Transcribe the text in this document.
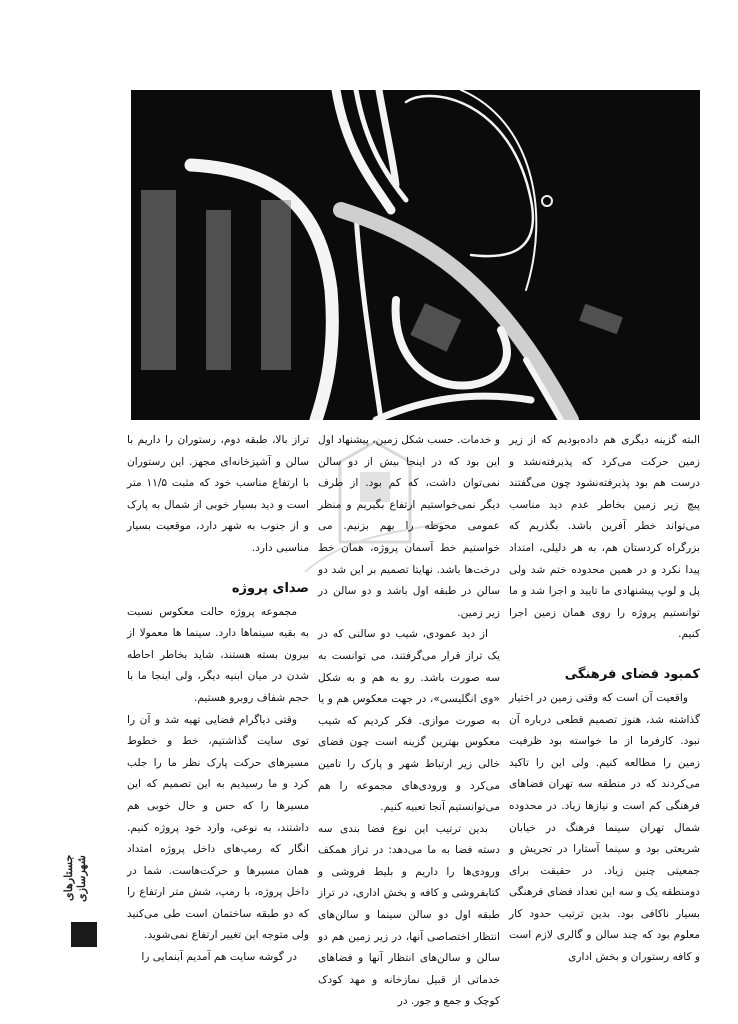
البته گزینه دیگری هم داده‌بودیم که از زیر زمین حرکت می‌کرد که پذیرفته‌نشد و درست هم بود پذیرفته‌نشود چون می‌گفتند پیچ زیر زمین بخاطر عدم دید مناسب می‌تواند خطر آفرین باشد. بگذریم که بزرگراه کردستان هم، به هر دلیلی، امتداد پیدا نکرد و در همین محدوده ختم شد ولی پل و لوپ پیشنهادی ما تایید و اجرا شد و ما توانستیم پروژه را روی همان زمین اجرا کنیم.

کمبود فضای فرهنگی

واقعیت آن است که وقتی زمین در اختیار گذاشته شد، هنوز تصمیم قطعی درباره آن نبود. کارفرما از ما خواسته بود ظرفیت زمین را مطالعه کنیم. ولی این را تاکید می‌کردند که در منطقه سه تهران فضاهای فرهنگی کم است و نیازها زیاد. در محدوده شمال تهران سینما فرهنگ در خیابان شریعتی بود و سینما آستارا در تجریش و جمعیتی چنین زیاد. در حقیقت برای دومنطقه یک و سه این تعداد فضای فرهنگی بسیار ناکافی بود. بدین ترتیب حدود کار معلوم بود که چند سالن و گالری لازم است و کافه رستوران و بخش اداری

و خدمات. حسب شکل زمین، پیشنهاد اول این بود که در اینجا بیش از دو سالن نمی‌توان داشت، که کم بود. از طرف دیگر نمی‌خواستیم ارتفاع بگیریم و منظر عمومی محوطه را بهم بزنیم. می خواستیم خط آسمان پروژه، همان خط درخت‌ها باشد. نهایتا تصمیم بر این شد دو سالن در طبقه اول باشد و دو سالن در زیر زمین.

از دید عمودی، شیب دو سالنی که در یک تراز قرار می‌گرفتند، می توانست به سه صورت باشد. رو به هم و به شکل «وی انگلیسی»، در جهت معکوس هم و یا به صورت موازی. فکر کردیم که شیب معکوس بهترین گزینه است چون فضای خالی زیر ارتباط شهر و پارک را تامین می‌کرد و ورودی‌های مجموعه را هم می‌توانستیم آنجا تعبیه کنیم.

بدین ترتیب این نوع فضا بندی سه دسته فضا به ما می‌دهد: در تراز همکف ورودی‌ها را داریم و بلیط فروشی و کتابفروشی و کافه و بخش اداری، در تراز طبقه اول دو سالن سینما و سالن‌های انتظار اختصاصی آنها، در زیر زمین هم دو سالن و سالن‌های انتظار آنها و فضاهای خدماتی از قبیل نمازخانه و مهد کودک کوچک و جمع و جور. در

تراز بالا، طبقه دوم، رستوران را داریم با سالن و آشپزخانه‌ای مجهز. این رستوران با ارتفاع مناسب خود که مثبت ۱۱/۵ متر است و دید بسیار خوبی از شمال به پارک و از جنوب به شهر دارد، موقعیت بسیار مناسبی دارد.

صدای پروژه

مجموعه پروژه حالت معکوس نسبت به بقیه سینماها دارد. سینما ها معمولا از بیرون بسته هستند، شاید بخاطر احاطه شدن در میان ابنیه دیگر، ولی اینجا ما با حجم شفاف روبرو هستیم.

وقتی دیاگرام فضایی تهیه شد و آن را توی سایت گذاشتیم، خط و خطوط مسیرهای حرکت پارک نظر ما را جلب کرد و ما رسیدیم به این تصمیم که این مسیرها را که حس و حال خوبی هم داشتند، به نوعی، وارد خود پروژه کنیم. انگار که رمپ‌های داخل پروژه امتداد همان مسیرها و حرکت‌هاست. شما در داخل پروژه، با رمپ، شش متر ارتفاع را که دو طبقه ساختمان است طی می‌کنید ولی متوجه این تغییر ارتفاع نمی‌شوید.

در گوشه سایت هم آمدیم آبنمایی را

جستارهای شهرسازی
